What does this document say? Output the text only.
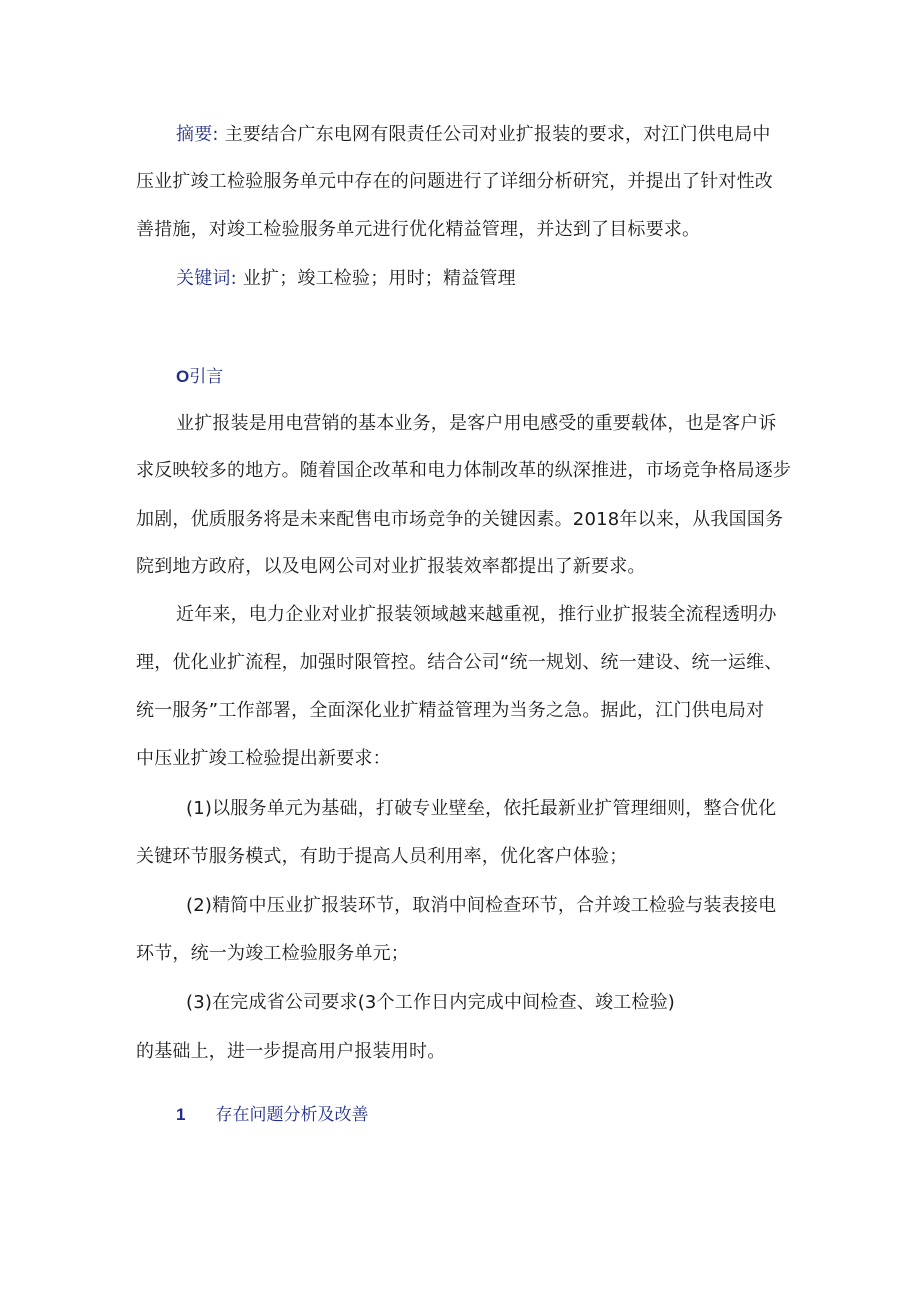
摘要: 主要结合广东电网有限责任公司对业扩报装的要求，对江门供电局中

压业扩竣工检验服务单元中存在的问题进行了详细分析研究，并提出了针对性改

善措施，对竣工检验服务单元进行优化精益管理，并达到了目标要求。

关键词: 业扩；竣工检验；用时；精益管理

O引言

业扩报装是用电营销的基本业务，是客户用电感受的重要载体，也是客户诉

求反映较多的地方。随着国企改革和电力体制改革的纵深推进，市场竞争格局逐步

加剧，优质服务将是未来配售电市场竞争的关键因素。2018年以来，从我国国务

院到地方政府，以及电网公司对业扩报装效率都提出了新要求。

近年来，电力企业对业扩报装领域越来越重视，推行业扩报装全流程透明办

理，优化业扩流程，加强时限管控。结合公司“统一规划、统一建设、统一运维、

统一服务”工作部署，全面深化业扩精益管理为当务之急。据此，江门供电局对

中压业扩竣工检验提出新要求：

(1)以服务单元为基础，打破专业壁垒，依托最新业扩管理细则，整合优化

关键环节服务模式，有助于提高人员利用率，优化客户体验；

(2)精简中压业扩报装环节，取消中间检查环节，合并竣工检验与装表接电

环节，统一为竣工检验服务单元；

(3)在完成省公司要求(3个工作日内完成中间检查、竣工检验)

的基础上，进一步提高用户报装用时。

1 存在问题分析及改善
